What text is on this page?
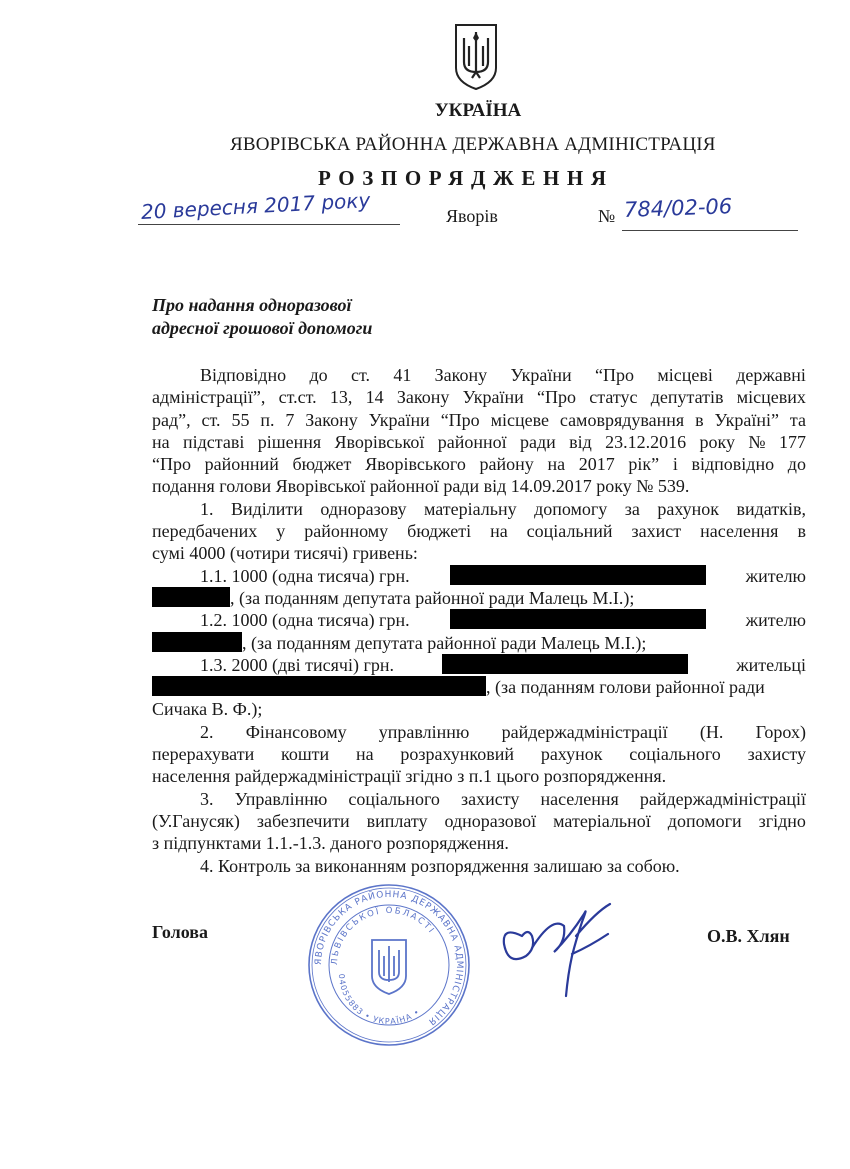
УКРАЇНА
ЯВОРІВСЬКА РАЙОННА ДЕРЖАВНА АДМІНІСТРАЦІЯ
РОЗПОРЯДЖЕННЯ
20 вересня 2017 року	Яворів	№ 784/02-06
Про надання одноразової
адресної грошової допомоги
Відповідно до ст. 41 Закону України “Про місцеві державні
адміністрації”, ст.ст. 13, 14 Закону України “Про статус депутатів місцевих
рад”, ст. 55 п. 7 Закону України “Про місцеве самоврядування в Україні” та
на підставі рішення Яворівської районної ради від 23.12.2016 року № 177
“Про районний бюджет Яворівського району на 2017 рік” і відповідно до
подання голови Яворівської районної ради від 14.09.2017 року № 539.
1. Виділити одноразову матеріальну допомогу за рахунок видатків,
передбачених у районному бюджеті на соціальний захист населення в
сумі 4000 (чотири тисячі) гривень:
1.1. 1000 (одна тисяча) грн.	жителю
, (за поданням депутата районної ради Малець М.І.);
1.2. 1000 (одна тисяча) грн.	жителю
, (за поданням депутата районної ради Малець М.І.);
1.3. 2000 (дві тисячі) грн.	жительці
, (за поданням голови районної ради
Сичака В. Ф.);
2. Фінансовому управлінню райдержадміністрації (Н. Горох)
перерахувати кошти на розрахунковий рахунок соціального захисту
населення райдержадміністрації згідно з п.1 цього розпорядження.
3. Управлінню соціального захисту населення райдержадміністрації
(У.Ганусяк) забезпечити виплату одноразової матеріальної допомоги згідно
з підпунктами 1.1.-1.3. даного розпорядження.
4. Контроль за виконанням розпорядження залишаю за собою.
Голова	О.В. Хлян
ЯВОРІВСЬКА РАЙОННА ДЕРЖАВНА АДМІНІСТРАЦІЯ
ЛЬВІВСЬКОЇ ОБЛАСТІ
04055883 • УКРАЇНА •
